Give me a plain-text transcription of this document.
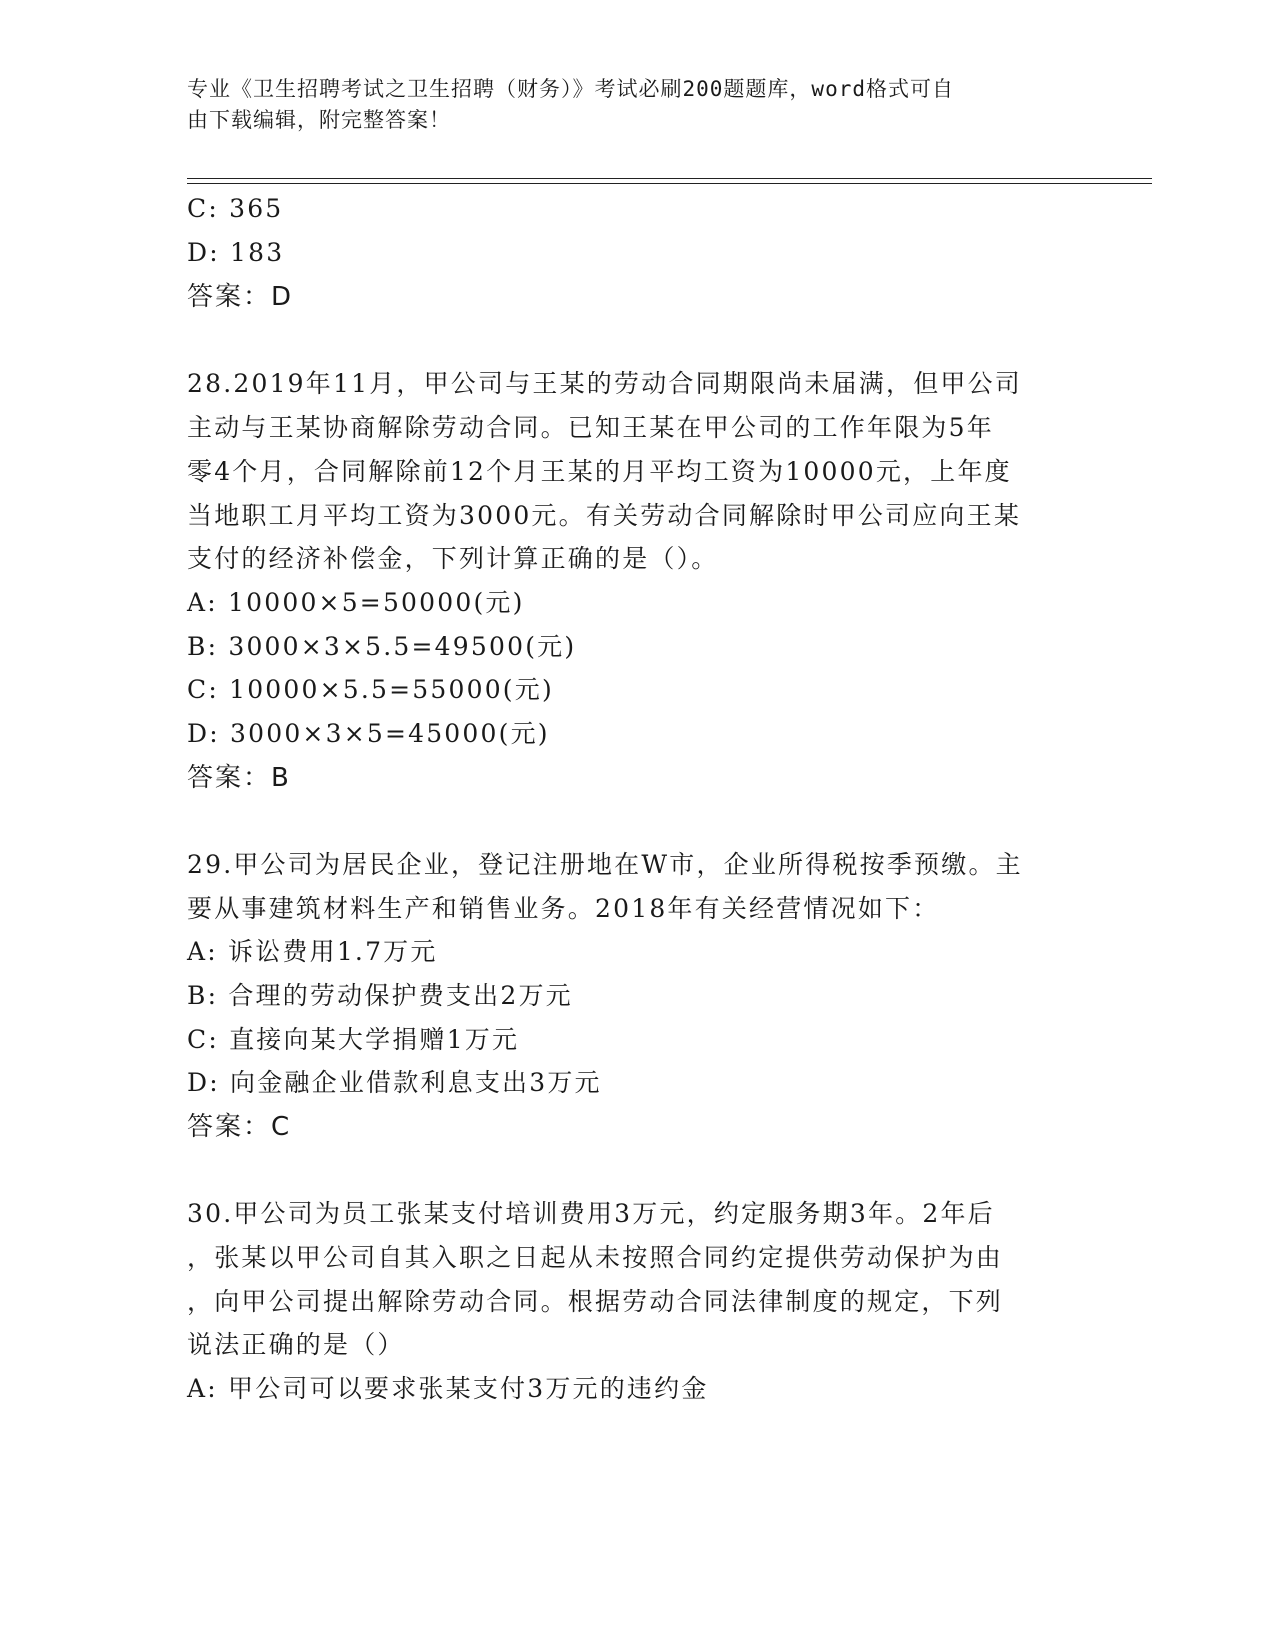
专业《卫生招聘考试之卫生招聘（财务）》考试必刷200题题库，word格式可自
由下载编辑，附完整答案！
C: 365
D: 183
答案：D
28.2019年11月，甲公司与王某的劳动合同期限尚未届满，但甲公司
主动与王某协商解除劳动合同。已知王某在甲公司的工作年限为5年
零4个月，合同解除前12个月王某的月平均工资为10000元，上年度
当地职工月平均工资为3000元。有关劳动合同解除时甲公司应向王某
支付的经济补偿金，下列计算正确的是（）。
A: 10000×5=50000(元)
B: 3000×3×5.5=49500(元)
C: 10000×5.5=55000(元)
D: 3000×3×5=45000(元)
答案：B
29.甲公司为居民企业，登记注册地在W市，企业所得税按季预缴。主
要从事建筑材料生产和销售业务。2018年有关经营情况如下：
A: 诉讼费用1.7万元
B: 合理的劳动保护费支出2万元
C: 直接向某大学捐赠1万元
D: 向金融企业借款利息支出3万元
答案：C
30.甲公司为员工张某支付培训费用3万元，约定服务期3年。2年后
，张某以甲公司自其入职之日起从未按照合同约定提供劳动保护为由
，向甲公司提出解除劳动合同。根据劳动合同法律制度的规定，下列
说法正确的是（）
A: 甲公司可以要求张某支付3万元的违约金
